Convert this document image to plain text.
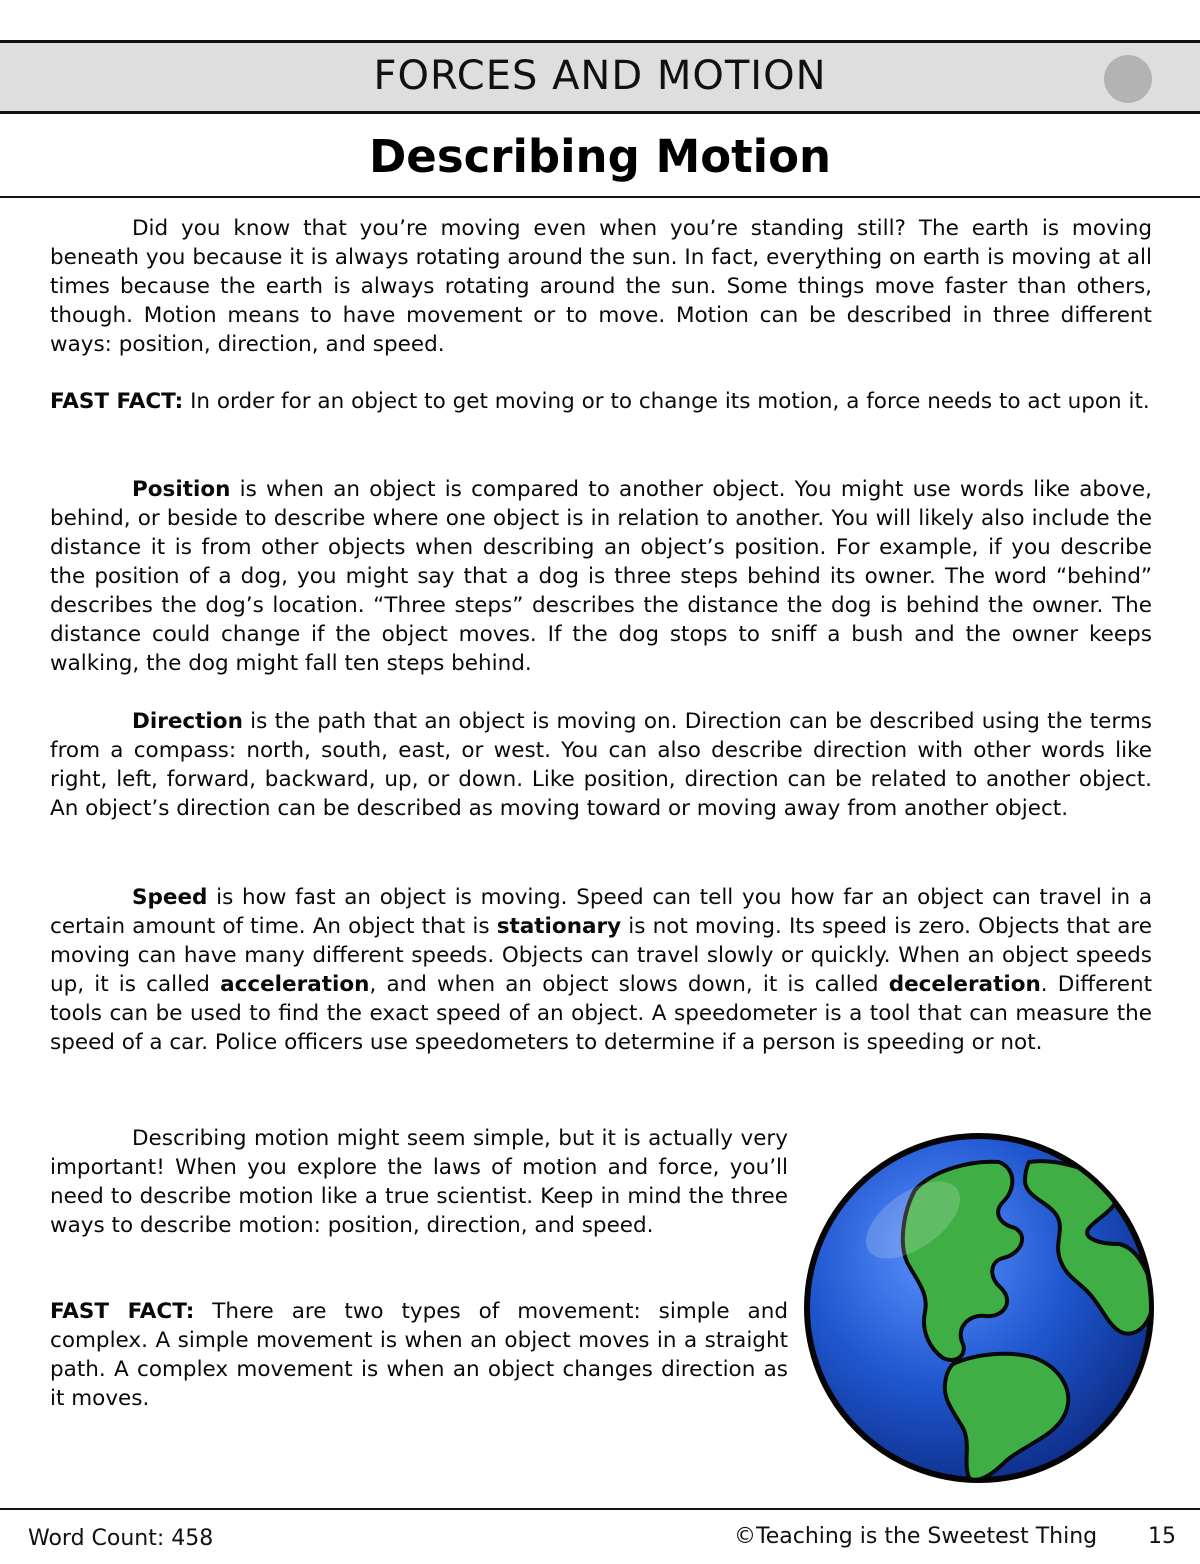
FORCES AND MOTION
Describing Motion

Did you know that you’re moving even when you’re standing still? The earth is moving beneath you because it is always rotating around the sun. In fact, everything on earth is moving at all times because the earth is always rotating around the sun. Some things move faster than others, though. Motion means to have movement or to move. Motion can be described in three different ways: position, direction, and speed.

FAST FACT: In order for an object to get moving or to change its motion, a force needs to act upon it.

Position is when an object is compared to another object. You might use words like above, behind, or beside to describe where one object is in relation to another. You will likely also include the distance it is from other objects when describing an object’s position. For example, if you describe the position of a dog, you might say that a dog is three steps behind its owner. The word “behind” describes the dog’s location. “Three steps” describes the distance the dog is behind the owner. The distance could change if the object moves. If the dog stops to sniff a bush and the owner keeps walking, the dog might fall ten steps behind.

Direction is the path that an object is moving on. Direction can be described using the terms from a compass: north, south, east, or west. You can also describe direction with other words like right, left, forward, backward, up, or down. Like position, direction can be related to another object. An object’s direction can be described as moving toward or moving away from another object.

Speed is how fast an object is moving. Speed can tell you how far an object can travel in a certain amount of time. An object that is stationary is not moving. Its speed is zero. Objects that are moving can have many different speeds. Objects can travel slowly or quickly. When an object speeds up, it is called acceleration, and when an object slows down, it is called deceleration. Different tools can be used to find the exact speed of an object. A speedometer is a tool that can measure the speed of a car. Police officers use speedometers to determine if a person is speeding or not.

Describing motion might seem simple, but it is actually very important! When you explore the laws of motion and force, you’ll need to describe motion like a true scientist. Keep in mind the three ways to describe motion: position, direction, and speed.

FAST FACT: There are two types of movement: simple and complex. A simple movement is when an object moves in a straight path. A complex movement is when an object changes direction as it moves.

Word Count: 458	©Teaching is the Sweetest Thing 15
